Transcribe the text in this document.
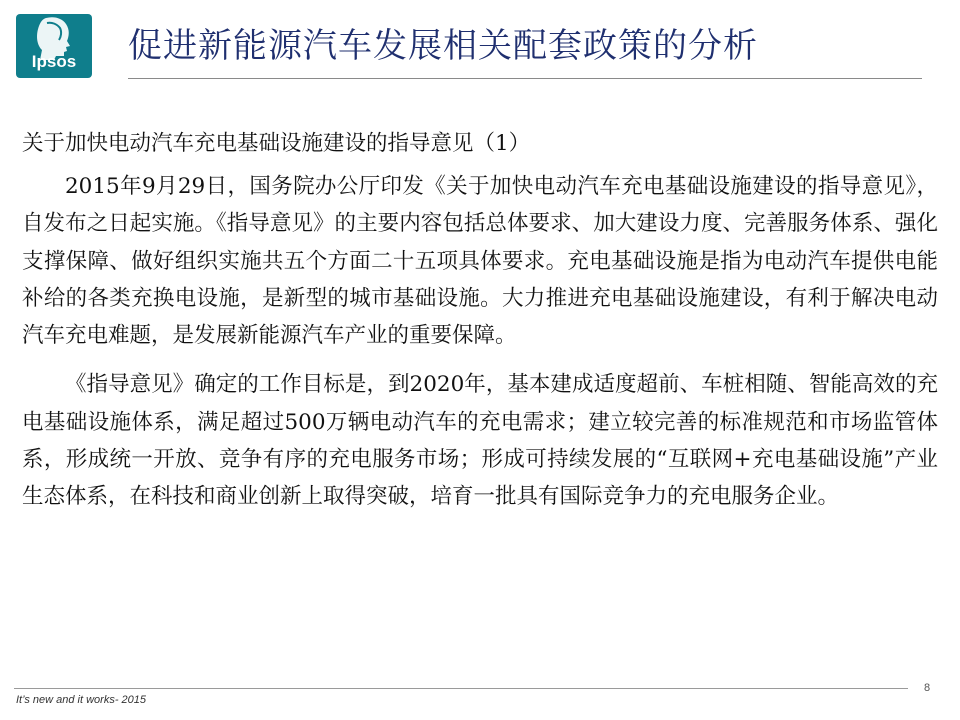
Ipsos	促进新能源汽车发展相关配套政策的分析
关于加快电动汽车充电基础设施建设的指导意见（1）

2015年9月29日，国务院办公厅印发《关于加快电动汽车充电基础设施建设的指导意见》，自发布之日起实施。《指导意见》的主要内容包括总体要求、加大建设力度、完善服务体系、强化支撑保障、做好组织实施共五个方面二十五项具体要求。充电基础设施是指为电动汽车提供电能补给的各类充换电设施，是新型的城市基础设施。大力推进充电基础设施建设，有利于解决电动汽车充电难题，是发展新能源汽车产业的重要保障。

《指导意见》确定的工作目标是，到2020年，基本建成适度超前、车桩相随、智能高效的充电基础设施体系，满足超过500万辆电动汽车的充电需求；建立较完善的标准规范和市场监管体系，形成统一开放、竞争有序的充电服务市场；形成可持续发展的“互联网+充电基础设施”产业生态体系，在科技和商业创新上取得突破，培育一批具有国际竞争力的充电服务企业。

It’s new and it works- 2015
8
